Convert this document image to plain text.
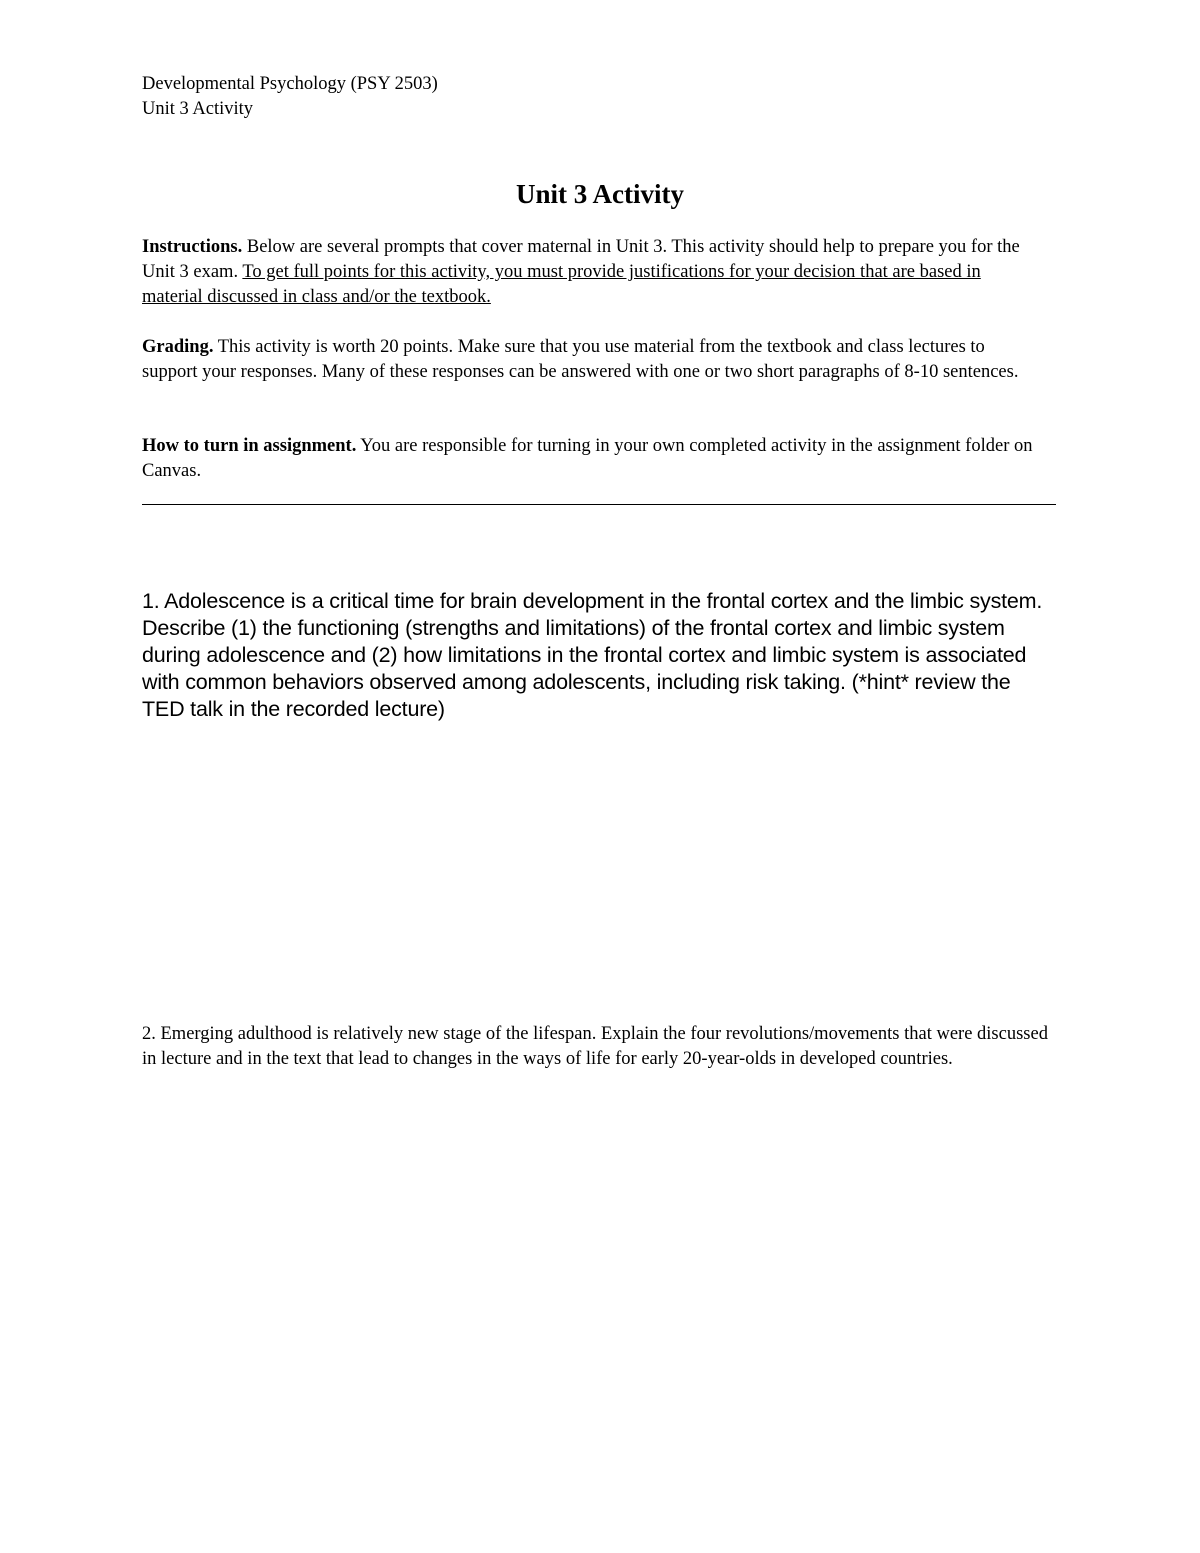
Developmental Psychology (PSY 2503)
Unit 3 Activity
Unit 3 Activity
Instructions. Below are several prompts that cover maternal in Unit 3. This activity should help to prepare you for the Unit 3 exam. To get full points for this activity, you must provide justifications for your decision that are based in material discussed in class and/or the textbook.
Grading. This activity is worth 20 points. Make sure that you use material from the textbook and class lectures to support your responses. Many of these responses can be answered with one or two short paragraphs of 8-10 sentences.
How to turn in assignment. You are responsible for turning in your own completed activity in the assignment folder on Canvas.
1. Adolescence is a critical time for brain development in the frontal cortex and the limbic system. Describe (1) the functioning (strengths and limitations) of the frontal cortex and limbic system during adolescence and (2) how limitations in the frontal cortex and limbic system is associated with common behaviors observed among adolescents, including risk taking. (*hint* review the TED talk in the recorded lecture)
2. Emerging adulthood is relatively new stage of the lifespan. Explain the four revolutions/movements that were discussed in lecture and in the text that lead to changes in the ways of life for early 20-year-olds in developed countries.
